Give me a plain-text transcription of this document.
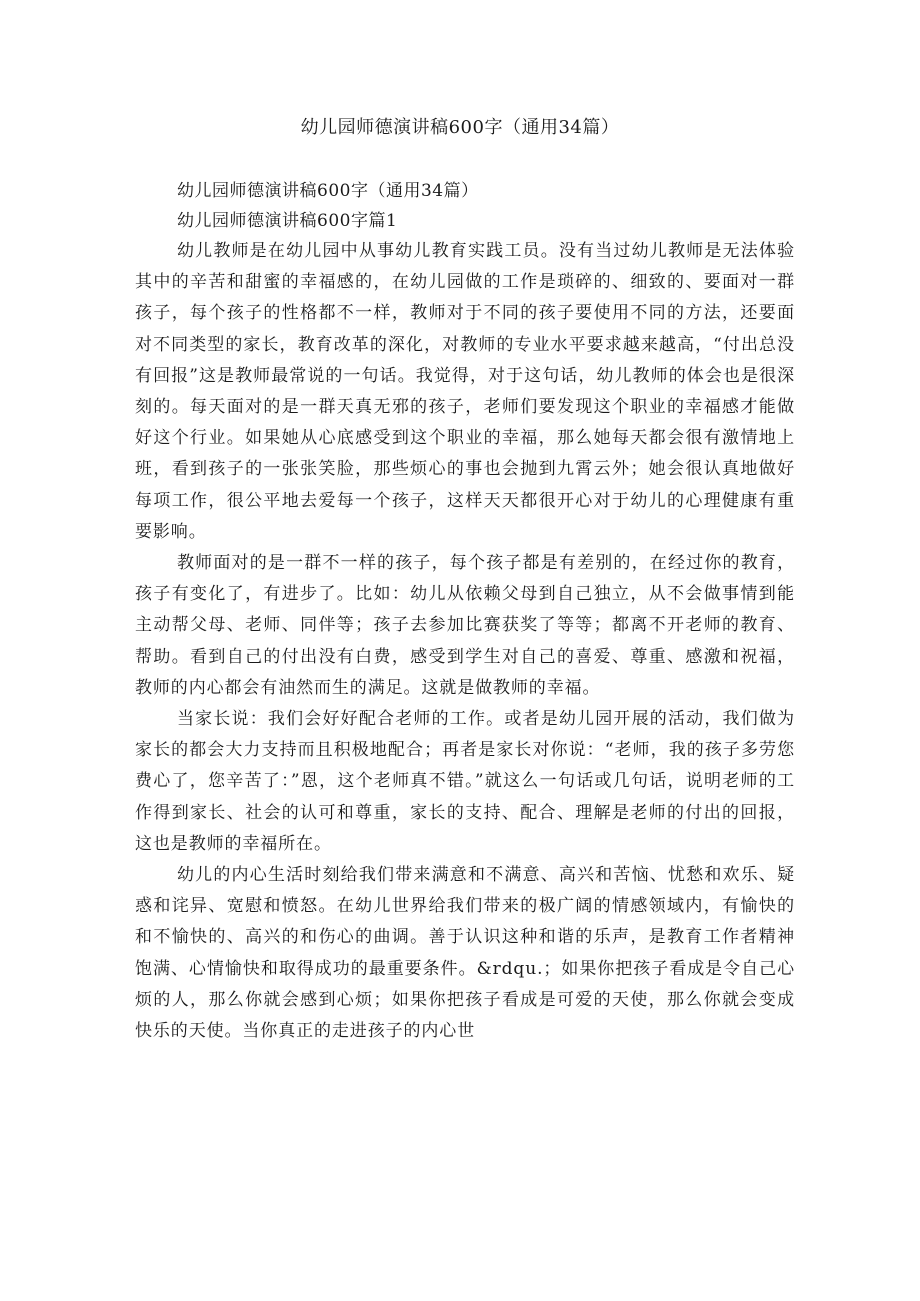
幼儿园师德演讲稿600字（通用34篇）

幼儿园师德演讲稿600字（通用34篇）

幼儿园师德演讲稿600字篇1

幼儿教师是在幼儿园中从事幼儿教育实践工员。没有当过幼儿教师是无法体验其中的辛苦和甜蜜的幸福感的，在幼儿园做的工作是琐碎的、细致的、要面对一群孩子，每个孩子的性格都不一样，教师对于不同的孩子要使用不同的方法，还要面对不同类型的家长，教育改革的深化，对教师的专业水平要求越来越高，“付出总没有回报”这是教师最常说的一句话。我觉得，对于这句话，幼儿教师的体会也是很深刻的。每天面对的是一群天真无邪的孩子，老师们要发现这个职业的幸福感才能做好这个行业。如果她从心底感受到这个职业的幸福，那么她每天都会很有激情地上班，看到孩子的一张张笑脸，那些烦心的事也会抛到九霄云外；她会很认真地做好每项工作，很公平地去爱每一个孩子，这样天天都很开心对于幼儿的心理健康有重要影响。

教师面对的是一群不一样的孩子，每个孩子都是有差别的，在经过你的教育，孩子有变化了，有进步了。比如：幼儿从依赖父母到自己独立，从不会做事情到能主动帮父母、老师、同伴等；孩子去参加比赛获奖了等等；都离不开老师的教育、帮助。看到自己的付出没有白费，感受到学生对自己的喜爱、尊重、感激和祝福，教师的内心都会有油然而生的满足。这就是做教师的幸福。

当家长说：我们会好好配合老师的工作。或者是幼儿园开展的活动，我们做为家长的都会大力支持而且积极地配合；再者是家长对你说：“老师，我的孩子多劳您费心了，您辛苦了：”恩，这个老师真不错。”就这么一句话或几句话，说明老师的工作得到家长、社会的认可和尊重，家长的支持、配合、理解是老师的付出的回报，这也是教师的幸福所在。

幼儿的内心生活时刻给我们带来满意和不满意、高兴和苦恼、忧愁和欢乐、疑惑和诧异、宽慰和愤怒。在幼儿世界给我们带来的极广阔的情感领域内，有愉快的和不愉快的、高兴的和伤心的曲调。善于认识这种和谐的乐声，是教育工作者精神饱满、心情愉快和取得成功的最重要条件。&rdqu.；如果你把孩子看成是令自己心烦的人，那么你就会感到心烦；如果你把孩子看成是可爱的天使，那么你就会变成快乐的天使。当你真正的走进孩子的内心世
